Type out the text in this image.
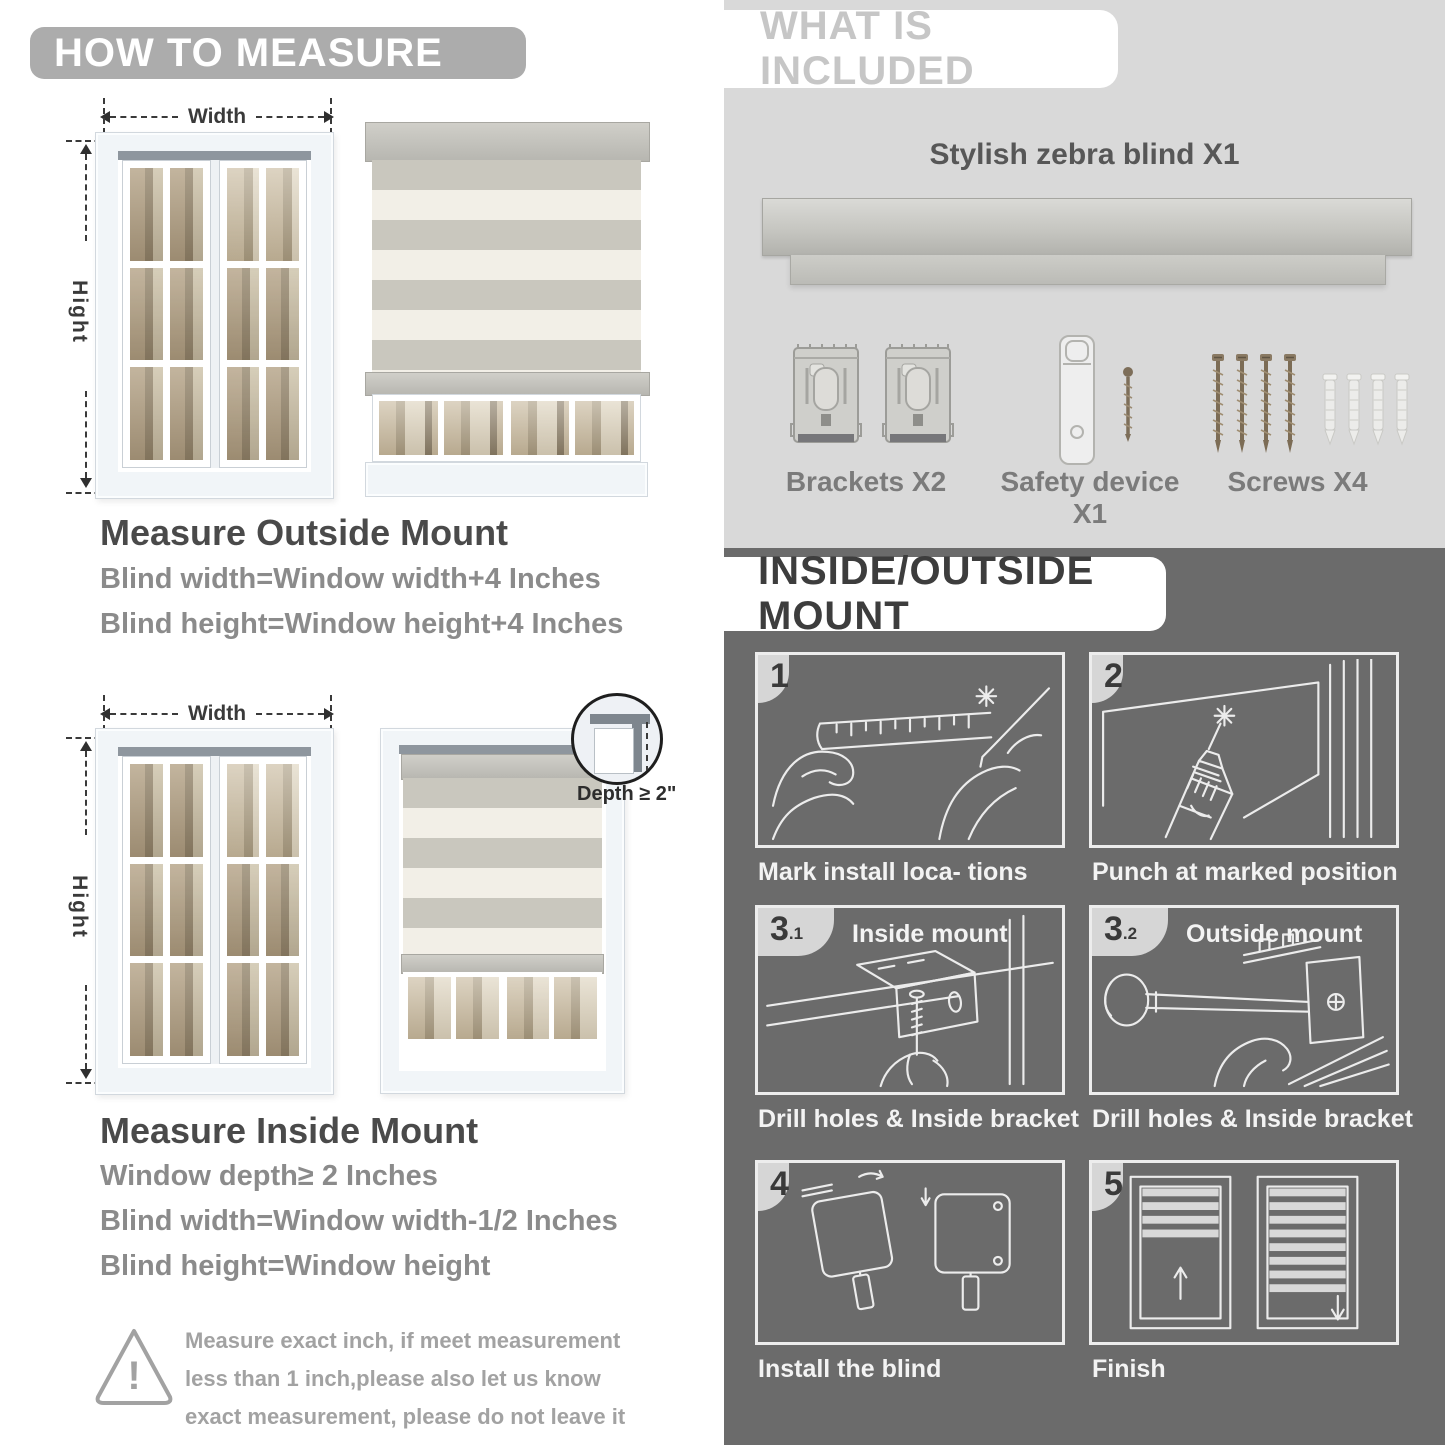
HOW TO MEASURE
Width
Hight
Measure Outside Mount
Blind width=Window width+4 Inches
Blind height=Window height+4 Inches
Width
Hight
Depth ≥ 2"
Measure Inside Mount
Window depth≥ 2 Inches
Blind width=Window width-1/2 Inches
Blind height=Window height
!
Measure exact inch, if meet measurement less than 1 inch,please also let us know exact measurement, please do not leave it
WHAT IS INCLUDED
Stylish zebra blind X1
Brackets X2	Safety device X1
Screws X4
INSIDE/OUTSIDE MOUNT
1
Mark install loca- tions
2
Punch at marked position
3 .1 Inside mount
Drill holes & Inside bracket
3 .2 Outside mount
Drill holes & Inside bracket
4
Install the blind
5
Finish
